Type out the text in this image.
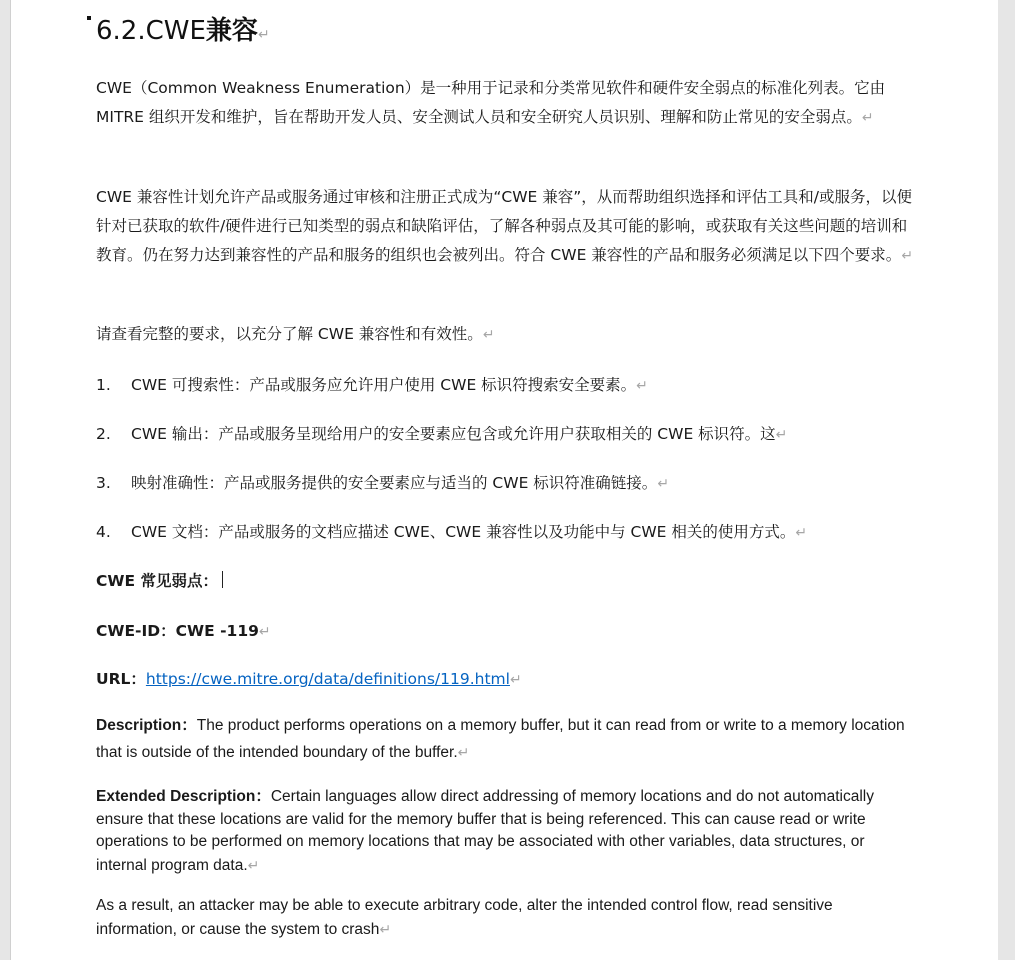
6.2.CWE兼容↵
CWE（Common Weakness Enumeration）是一种用于记录和分类常见软件和硬件安全弱点的标准化列表。它由 MITRE 组织开发和维护，旨在帮助开发人员、安全测试人员和安全研究人员识别、理解和防止常见的安全弱点。↵
CWE 兼容性计划允许产品或服务通过审核和注册正式成为“CWE 兼容”，从而帮助组织选择和评估工具和/或服务，以便针对已获取的软件/硬件进行已知类型的弱点和缺陷评估，了解各种弱点及其可能的影响，或获取有关这些问题的培训和教育。仍在努力达到兼容性的产品和服务的组织也会被列出。符合 CWE 兼容性的产品和服务必须满足以下四个要求。↵
请查看完整的要求，以充分了解 CWE 兼容性和有效性。↵
1. CWE 可搜索性：产品或服务应允许用户使用 CWE 标识符搜索安全要素。↵
2. CWE 输出：产品或服务呈现给用户的安全要素应包含或允许用户获取相关的 CWE 标识符。这↵
3. 映射准确性：产品或服务提供的安全要素应与适当的 CWE 标识符准确链接。↵
4. CWE 文档：产品或服务的文档应描述 CWE、CWE 兼容性以及功能中与 CWE 相关的使用方式。↵
CWE 常见弱点：
CWE-ID：CWE -119↵
URL：https://cwe.mitre.org/data/definitions/119.html↵
Description：The product performs operations on a memory buffer, but it can read from or write to a memory location that is outside of the intended boundary of the buffer.↵
Extended Description：Certain languages allow direct addressing of memory locations and do not automatically ensure that these locations are valid for the memory buffer that is being referenced. This can cause read or write operations to be performed on memory locations that may be associated with other variables, data structures, or internal program data.↵
As a result, an attacker may be able to execute arbitrary code, alter the intended control flow, read sensitive information, or cause the system to crash↵
